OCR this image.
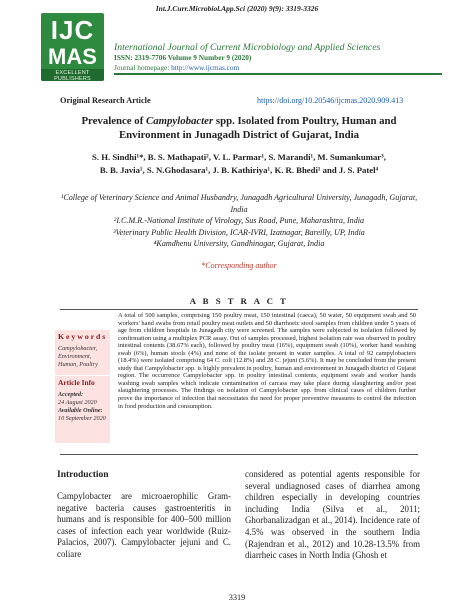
Int.J.Curr.Microbiol.App.Sci (2020) 9(9): 3319-3326
IJC
MAS
EXCELLENT PUBLISHERS
International Journal of Current Microbiology and Applied Sciences
ISSN: 2319-7706 Volume 9 Number 9 (2020)
Journal homepage: http://www.ijcmas.com
Original Research Article	https://doi.org/10.20546/ijcmas.2020.909.413
Prevalence of Campylobacter spp. Isolated from Poultry, Human and Environment in Junagadh District of Gujarat, India
S. H. Sindhi¹*, B. S. Mathapati², V. L. Parmar¹, S. Marandi¹, M. Sumankumar³,
B. B. Javia¹, S. N.Ghodasara¹, J. B. Kathiriya¹, K. R. Bhedi¹ and J. S. Patel⁴
¹College of Veterinary Science and Animal Husbandry, Junagadh Agricultural University, Junagadh, Gujarat, India
²I.C.M.R.-National Institute of Virology, Sus Road, Pune, Maharashtra, India
³Veterinary Public Health Division, ICAR-IVRI, Izatnagar, Bareilly, UP, India
⁴Kamdhenu University, Gandhinagar, Gujarat, India
*Corresponding author
A B S T R A C T
K e y w o r d s
Campylobacter, Environment, Human, Poultry
Article Info
Accepted:
24 August 2020
Available Online:
10 September 2020
A total of 500 samples, comprising 150 poultry meat, 150 intestinal (caeca), 50 water, 50 equipment swab and 50 workers' hand swabs from retail poultry meat outlets and 50 diarrhoeic stool samples from children under 5 years of age from children hospitals in Junagadh city were screened. The samples were subjected to isolation followed by confirmation using a multiplex PCR assay. Out of samples processed, highest isolation rate was observed in poultry intestinal contents (38.67% each), followed by poultry meat (16%), equipment swab (10%), worker hand washing swab (6%), human stools (4%) and none of the isolate present in water samples. A total of 92 campylobacters (18.4%) were isolated comprising 64 C. coli (12.8%) and 28 C. jejuni (5.6%). It may be concluded from the present study that Campylobacter spp. is highly prevalent in poultry, human and environment in Junagadh district of Gujarat region. The occurrence Campylobacter spp. in poultry intestinal contents, equipment swab and worker hands washing swab samples which indicate contamination of carcass may take place during slaughtering and/or post slaughtering processes. The findings on isolation of Campylobacter spp. from clinical cases of children further prove the importance of infection that necessitates the need for proper preventive measures to control the infection in food production and consumption.
Introduction
Campylobacter are microaerophilic Gram-negative bacteria causes gastroenteritis in humans and is responsible for 400–500 million cases of infection each year worldwide (Ruiz-Palacios, 2007). Campylobacter jejuni and C. coliare
considered as potential agents responsible for several undiagnosed cases of diarrhea among children especially in developing countries including India (Silva et al., 2011; Ghorbanalizadgan et al., 2014). Incidence rate of 4.5% was observed in the southern India (Rajendran et al., 2012) and 10.28-13.5% from diarrheic cases in North India (Ghosh et
3319
